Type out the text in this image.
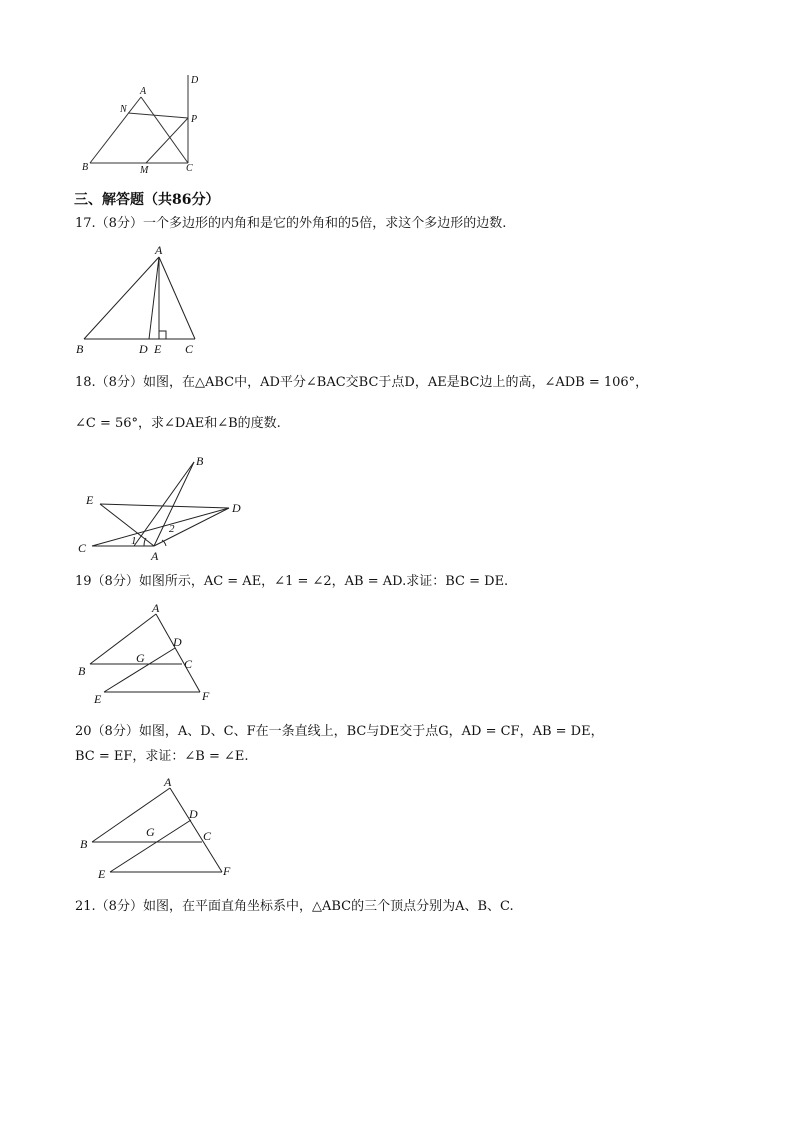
A
B	C
D
M
N
P
三、解答题（共86分）
17.（8分）一个多边形的内角和是它的外角和的5倍，求这个多边形的边数.
A
B	C
D E
18.（8分）如图，在△ABC中，AD平分∠BAC交BC于点D，AE是BC边上的高，∠ADB = 106°，
∠C = 56°，求∠DAE和∠B的度数.
B
C
D
E
A
1
2
19（8分）如图所示，AC = AE，∠1 = ∠2，AB = AD.求证：BC = DE.
A
B	C
D
E	F
G
20（8分）如图，A、D、C、F在一条直线上，BC与DE交于点G，AD = CF，AB = DE，
BC = EF，求证：∠B = ∠E.
A
B
C
D
E	F
G
21.（8分）如图，在平面直角坐标系中，△ABC的三个顶点分别为A、B、C.
